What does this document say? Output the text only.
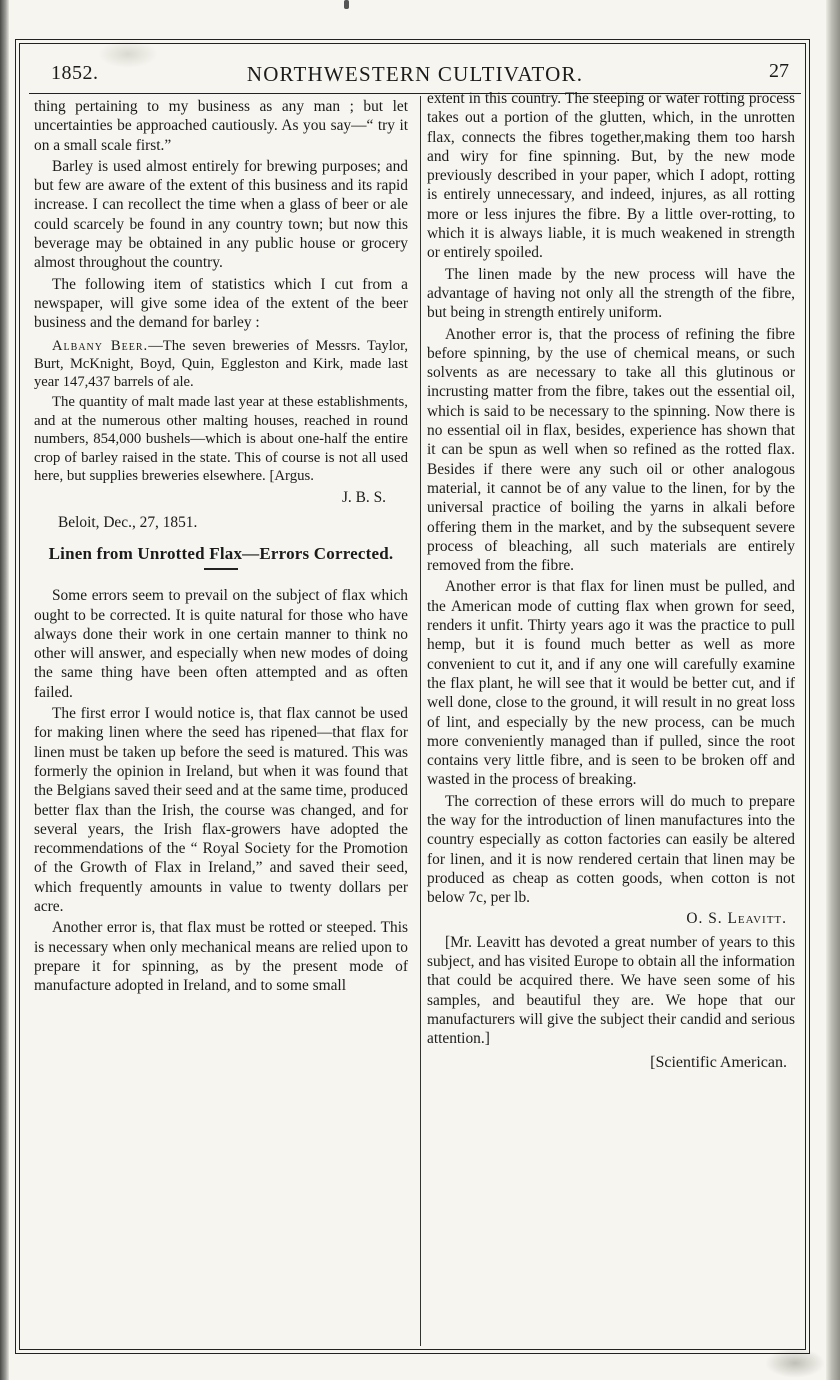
1852.	NORTHWESTERN CULTIVATOR.	27

thing pertaining to my business as any man ; but let uncertainties be approached cautiously. As you say—“ try it on a small scale first.”

Barley is used almost entirely for brewing purposes; and but few are aware of the extent of this business and its rapid increase. I can recollect the time when a glass of beer or ale could scarcely be found in any country town; but now this beverage may be obtained in any public house or grocery almost throughout the country.

The following item of statistics which I cut from a newspaper, will give some idea of the extent of the beer business and the demand for barley :

Albany Beer.—The seven breweries of Messrs. Taylor, Burt, McKnight, Boyd, Quin, Eggleston and Kirk, made last year 147,437 barrels of ale.

The quantity of malt made last year at these establishments, and at the numerous other malting houses, reached in round numbers, 854,000 bushels—which is about one-half the entire crop of barley raised in the state. This of course is not all used here, but supplies breweries elsewhere. [Argus.

J. B. S.

Beloit, Dec., 27, 1851.

Linen from Unrotted Flax—Errors Corrected.

Some errors seem to prevail on the subject of flax which ought to be corrected. It is quite natural for those who have always done their work in one certain manner to think no other will answer, and especially when new modes of doing the same thing have been often attempted and as often failed.

The first error I would notice is, that flax cannot be used for making linen where the seed has ripened—that flax for linen must be taken up before the seed is matured. This was formerly the opinion in Ireland, but when it was found that the Belgians saved their seed and at the same time, produced better flax than the Irish, the course was changed, and for several years, the Irish flax-growers have adopted the recommendations of the “ Royal Society for the Promotion of the Growth of Flax in Ireland,” and saved their seed, which frequently amounts in value to twenty dollars per acre.

Another error is, that flax must be rotted or steeped. This is necessary when only mechanical means are relied upon to prepare it for spinning, as by the present mode of manufacture adopted in Ireland, and to some small

extent in this country. The steeping or water rotting process takes out a portion of the glutten, which, in the unrotten flax, connects the fibres together,making them too harsh and wiry for fine spinning. But, by the new mode previously described in your paper, which I adopt, rotting is entirely unnecessary, and indeed, injures, as all rotting more or less injures the fibre. By a little over-rotting, to which it is always liable, it is much weakened in strength or entirely spoiled.

The linen made by the new process will have the advantage of having not only all the strength of the fibre, but being in strength entirely uniform.

Another error is, that the process of refining the fibre before spinning, by the use of chemical means, or such solvents as are necessary to take all this glutinous or incrusting matter from the fibre, takes out the essential oil, which is said to be necessary to the spinning. Now there is no essential oil in flax, besides, experience has shown that it can be spun as well when so refined as the rotted flax. Besides if there were any such oil or other analogous material, it cannot be of any value to the linen, for by the universal practice of boiling the yarns in alkali before offering them in the market, and by the subsequent severe process of bleaching, all such materials are entirely removed from the fibre.

Another error is that flax for linen must be pulled, and the American mode of cutting flax when grown for seed, renders it unfit. Thirty years ago it was the practice to pull hemp, but it is found much better as well as more convenient to cut it, and if any one will carefully examine the flax plant, he will see that it would be better cut, and if well done, close to the ground, it will result in no great loss of lint, and especially by the new process, can be much more conveniently managed than if pulled, since the root contains very little fibre, and is seen to be broken off and wasted in the process of breaking.

The correction of these errors will do much to prepare the way for the introduction of linen manufactures into the country especially as cotton factories can easily be altered for linen, and it is now rendered certain that linen may be produced as cheap as cotten goods, when cotton is not below 7c, per lb.

O. S. Leavitt.

[Mr. Leavitt has devoted a great number of years to this subject, and has visited Europe to obtain all the information that could be acquired there. We have seen some of his samples, and beautiful they are. We hope that our manufacturers will give the subject their candid and serious attention.]

[Scientific American.
